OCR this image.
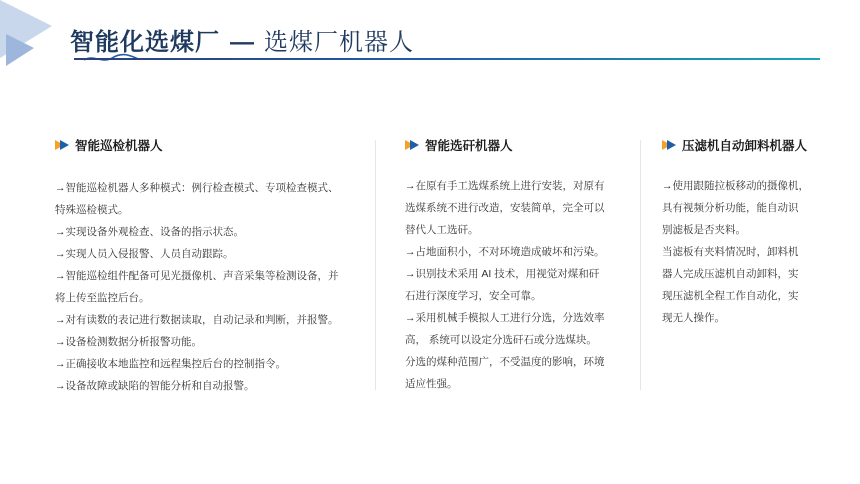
智能化选煤厂 — 选煤厂机器人
智能巡检机器人

→智能巡检机器人多种模式：例行检查模式、专项检查模式、

特殊巡检模式。

→实现设备外观检查、设备的指示状态。

→实现人员入侵报警、人员自动跟踪。

→智能巡检组件配备可见光摄像机、声音采集等检测设备，并

将上传至监控后台。

→对有读数的表记进行数据读取，自动记录和判断，并报警。

→设备检测数据分析报警功能。

→正确接收本地监控和远程集控后台的控制指令。

→设备故障或缺陷的智能分析和自动报警。

智能选矸机器人

→在原有手工选煤系统上进行安装，对原有

选煤系统不进行改造，安装简单，完全可以

替代人工选矸。

→占地面积小，不对环境造成破坏和污染。

→识别技术采用 AI 技术，用视觉对煤和矸

石进行深度学习，安全可靠。

→采用机械手模拟人工进行分选，分选效率

高， 系统可以设定分选矸石或分选煤块。

分选的煤种范围广，不受温度的影响，环境

适应性强。

压滤机自动卸料机器人

→使用跟随拉板移动的摄像机，

具有视频分析功能，能自动识

别滤板是否夹料。

当滤板有夹料情况时，卸料机

器人完成压滤机自动卸料，实

现压滤机全程工作自动化，实

现无人操作。
